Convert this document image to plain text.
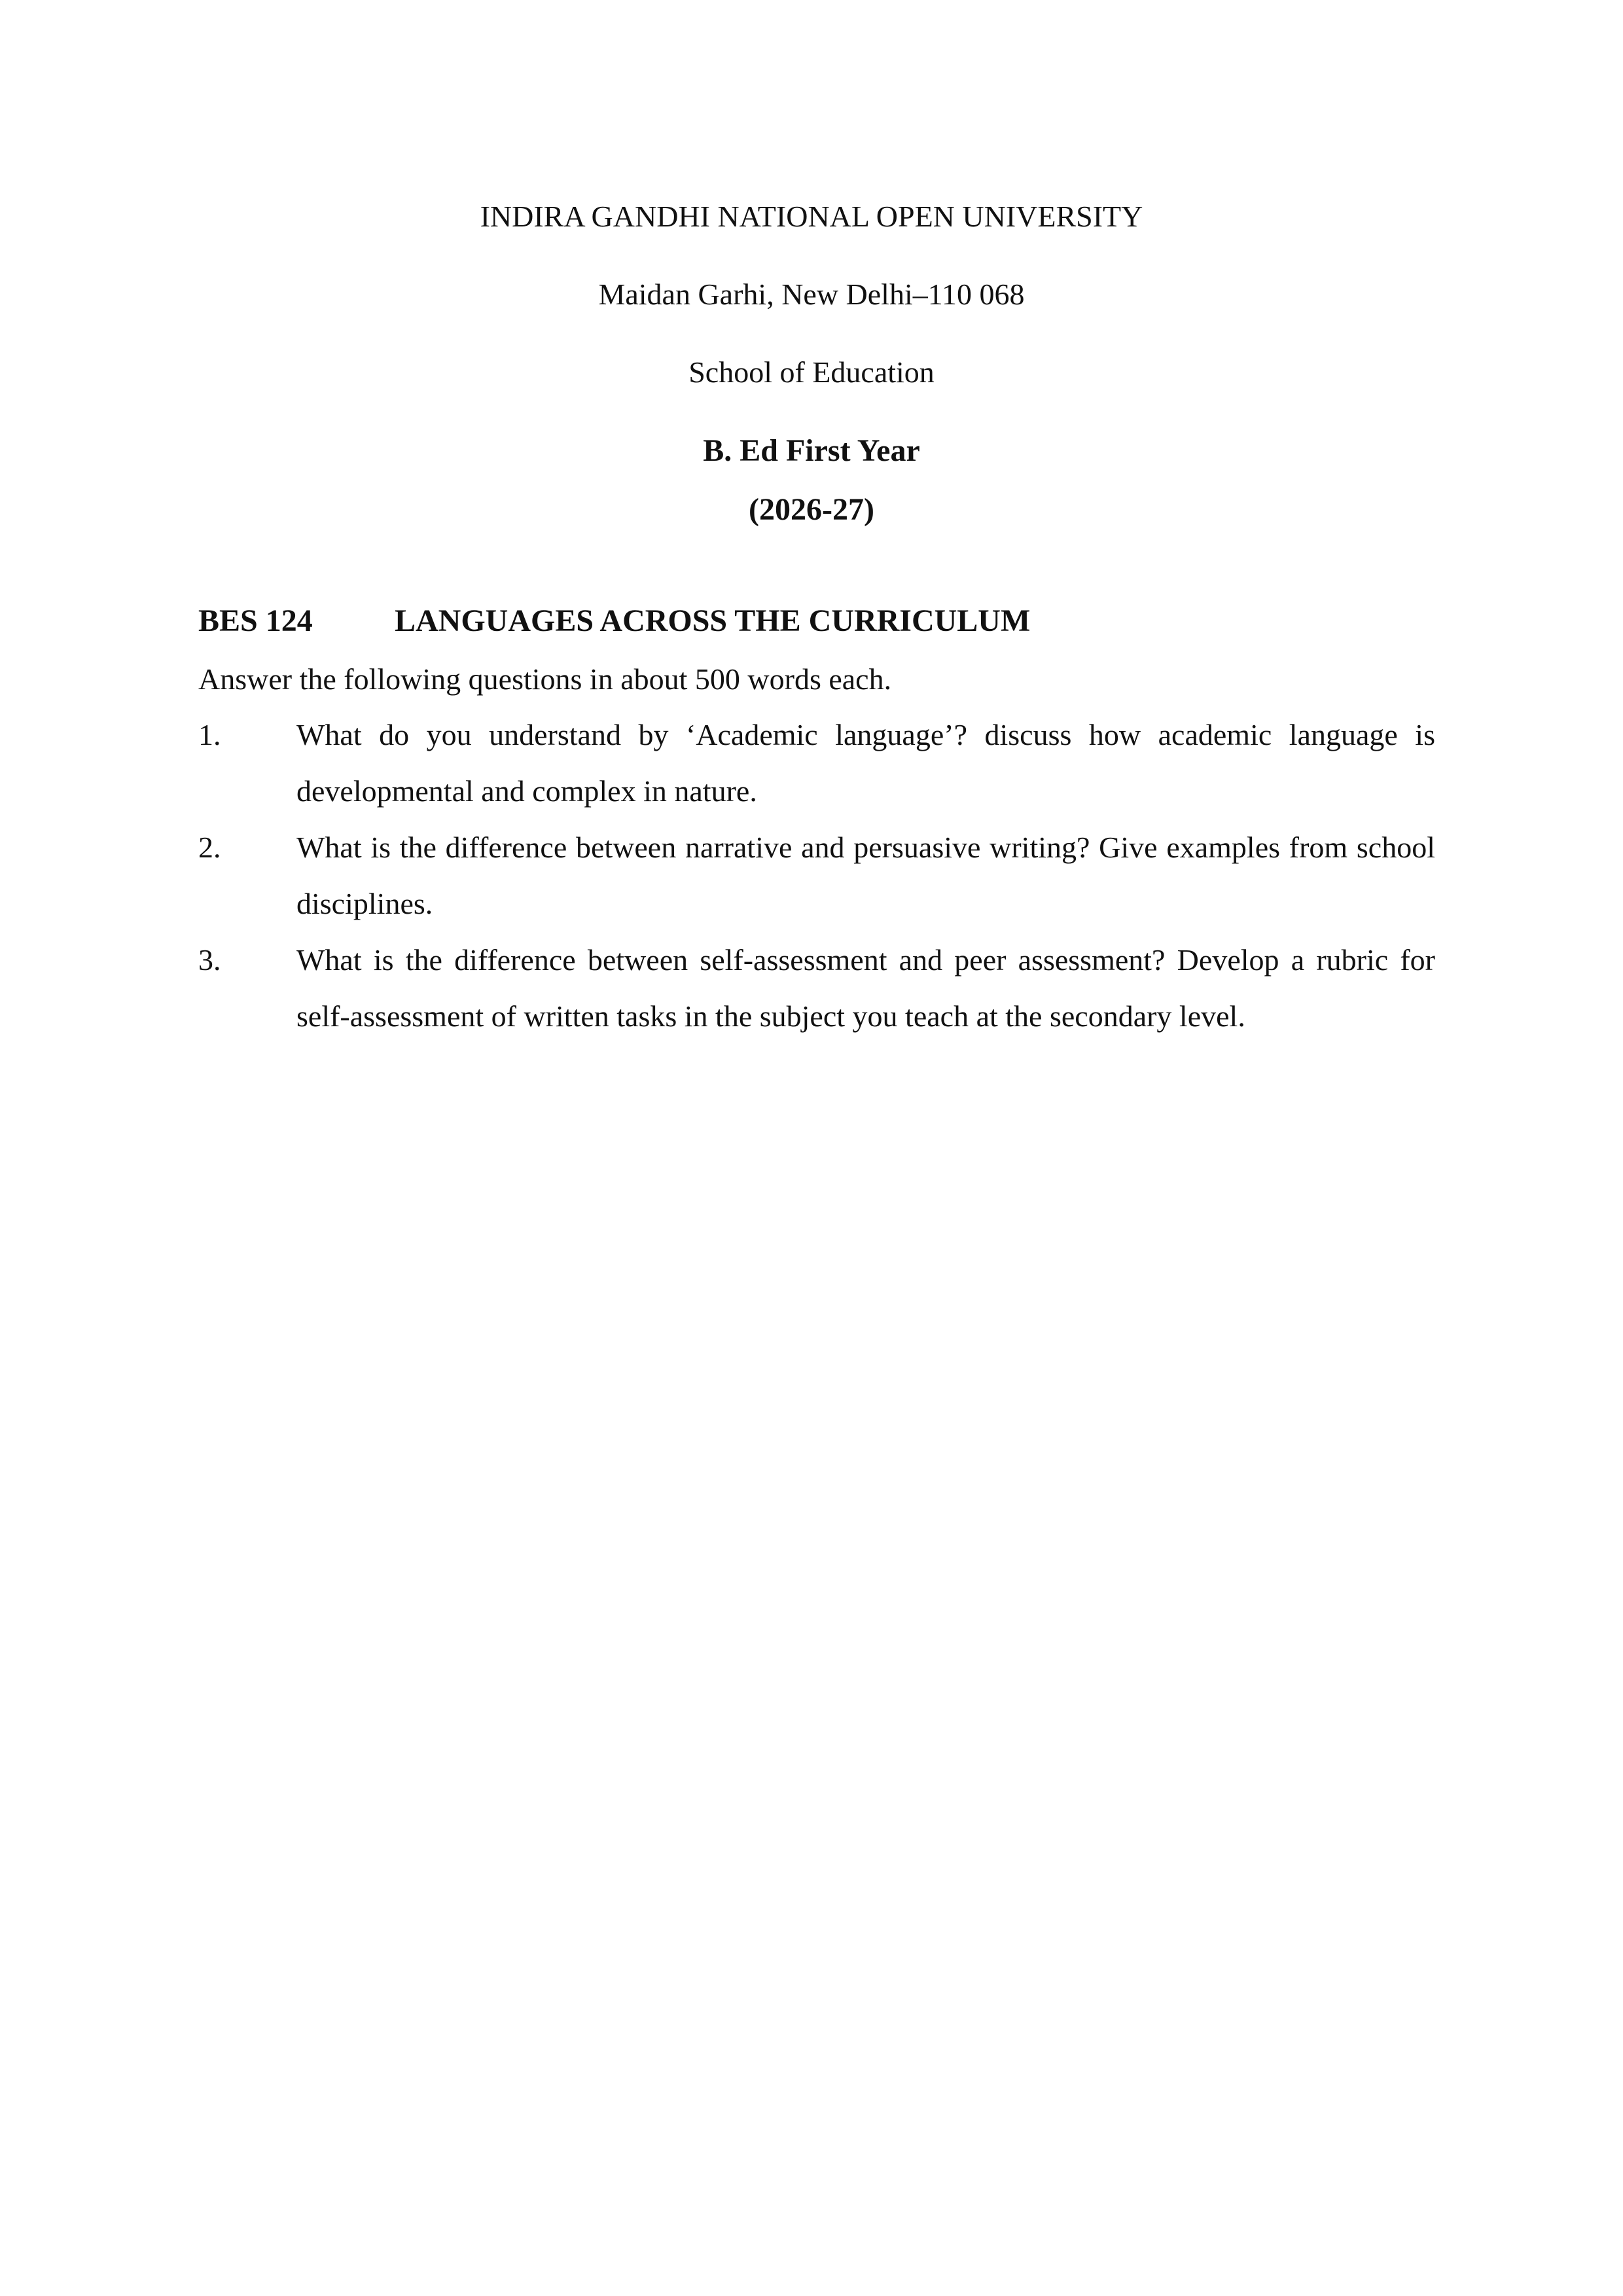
INDIRA GANDHI NATIONAL OPEN UNIVERSITY
Maidan Garhi, New Delhi–110 068
School of Education
B. Ed First Year
(2026-27)
BES 124	LANGUAGES ACROSS THE CURRICULUM
Answer the following questions in about 500 words each.
1.	What do you understand by ‘Academic language’? discuss how academic language is developmental and complex in nature.
2.	What is the difference between narrative and persuasive writing? Give examples from school disciplines.
3.	What is the difference between self-assessment and peer assessment? Develop a rubric for self-assessment of written tasks in the subject you teach at the secondary level.
